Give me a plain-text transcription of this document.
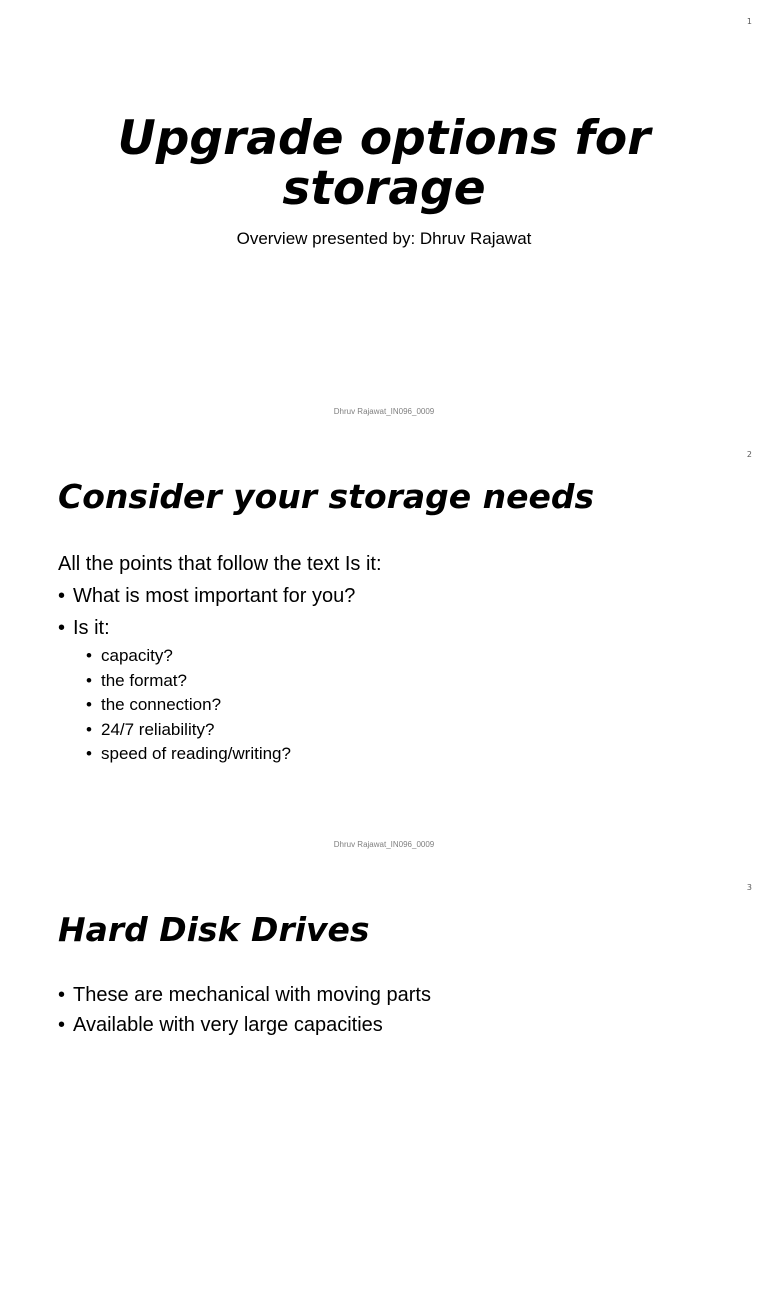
1
Upgrade options for storage
Overview presented by: Dhruv Rajawat
Dhruv Rajawat_IN096_0009
2
Consider your storage needs
All the points that follow the text Is it:
• What is most important for you?
• Is it:
• capacity?
• the format?
• the connection?
• 24/7 reliability?
• speed of reading/writing?
Dhruv Rajawat_IN096_0009
3
Hard Disk Drives
• These are mechanical with moving parts
• Available with very large capacities
